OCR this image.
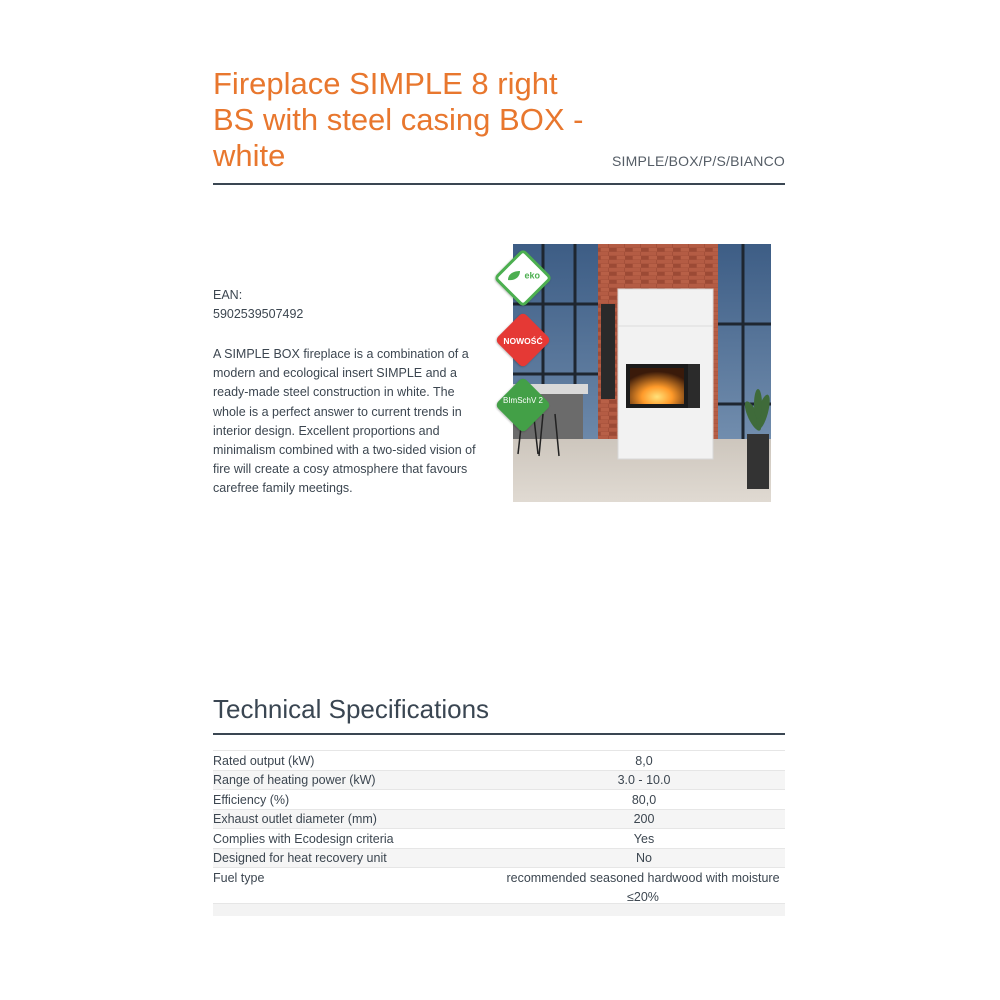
Fireplace SIMPLE 8 right BS with steel casing BOX - white	SIMPLE/BOX/P/S/BIANCO
EAN:
5902539507492

A SIMPLE BOX fireplace is a combination of a modern and ecological insert SIMPLE and a ready-made steel construction in white. The whole is a perfect answer to current trends in interior design. Excellent proportions and minimalism combined with a two-sided vision of fire will create a cosy atmosphere that favours carefree family meetings.

eko
NOWOŚĆ
BImSchV 2
Technical Specifications
Rated output (kW)	8,0
Range of heating power (kW)	3.0 - 10.0
Efficiency (%)	80,0
Exhaust outlet diameter (mm)	200
Complies with Ecodesign criteria	Yes
Designed for heat recovery unit	No
Fuel type	recommended seasoned hardwood with moisture ≤20%
